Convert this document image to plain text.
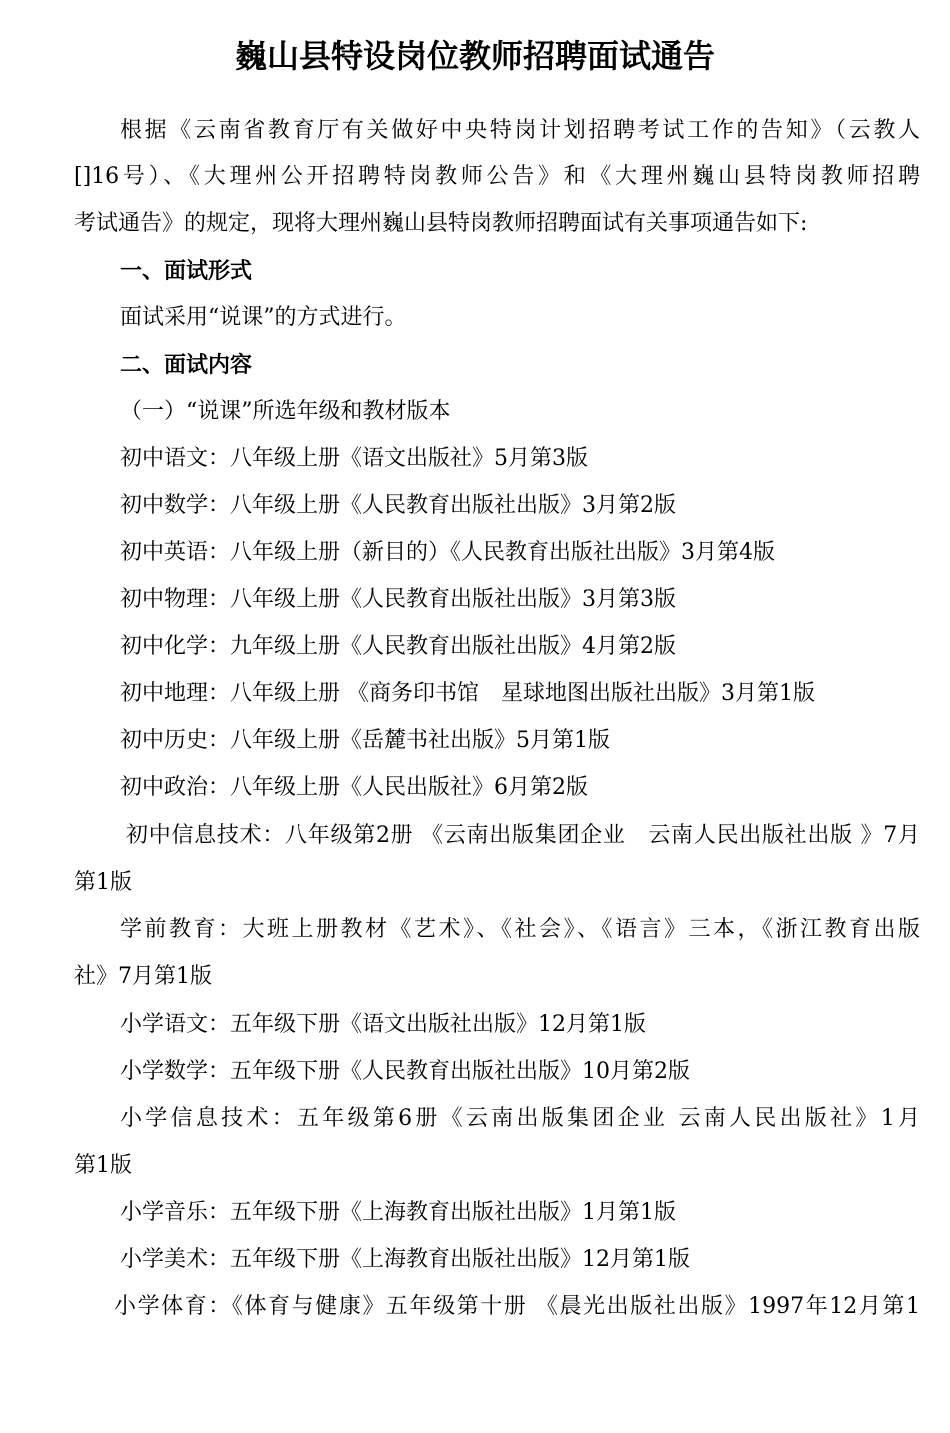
巍山县特设岗位教师招聘面试通告
根据《云南省教育厅有关做好中央特岗计划招聘考试工作的告知》（云教人
[]16号）、《大理州公开招聘特岗教师公告》和《大理州巍山县特岗教师招聘
考试通告》的规定，现将大理州巍山县特岗教师招聘面试有关事项通告如下:
一、面试形式
面试采用“说课”的方式进行。
二、面试内容
（一）“说课”所选年级和教材版本
初中语文：八年级上册《语文出版社》5月第3版
初中数学：八年级上册《人民教育出版社出版》3月第2版
初中英语：八年级上册（新目的）《人民教育出版社出版》3月第4版
初中物理：八年级上册《人民教育出版社出版》3月第3版
初中化学：九年级上册《人民教育出版社出版》4月第2版
初中地理：八年级上册 《商务印书馆　星球地图出版社出版》3月第1版
初中历史：八年级上册《岳麓书社出版》5月第1版
初中政治：八年级上册《人民出版社》6月第2版
初中信息技术：八年级第2册 《云南出版集团企业　云南人民出版社出版 》7月
第1版
学前教育：大班上册教材《艺术》、《社会》、《语言》三本，《浙江教育出版
社》7月第1版
小学语文：五年级下册《语文出版社出版》12月第1版
小学数学：五年级下册《人民教育出版社出版》10月第2版
小学信息技术：五年级第6册《云南出版集团企业 云南人民出版社》1月
第1版
小学音乐：五年级下册《上海教育出版社出版》1月第1版
小学美术：五年级下册《上海教育出版社出版》12月第1版
小学体育：《体育与健康》五年级第十册 《晨光出版社出版》1997年12月第1
